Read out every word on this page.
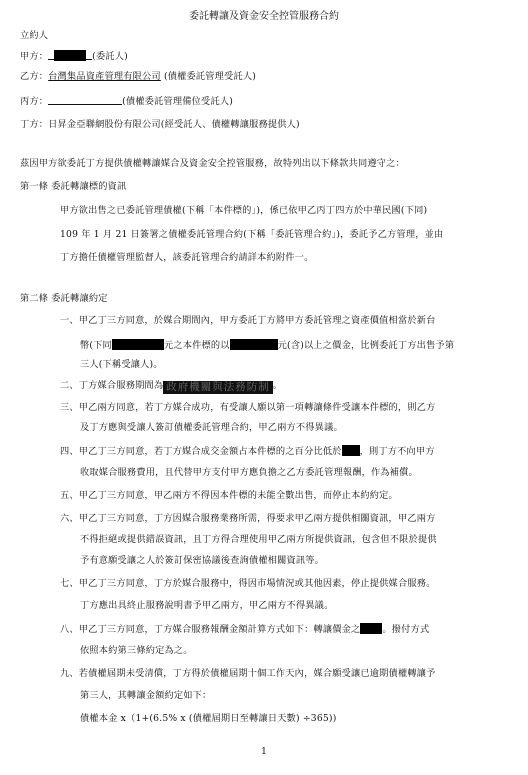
委託轉讓及資金安全控管服務合約
立約人
甲方：	(委託人)
乙方：台灣集品資產管理有限公司 (債權委託管理受託人)
丙方：	(債權委託管理備位受託人)
丁方：日昇金亞聯網股份有限公司(經受託人、債權轉讓服務提供人)
茲因甲方欲委託丁方提供債權轉讓媒合及資金安全控管服務，故特列出以下條款共同遵守之：
第一條 委託轉讓標的資訊
甲方欲出售之已委託管理債權(下稱「本件標的」)，係已依甲乙丙丁四方於中華民國(下同)
109 年 1 月 21 日簽署之債權委託管理合約(下稱「委託管理合約」)，委託予乙方管理，並由
丁方擔任債權管理監督人，該委託管理合約請詳本約附件一。
第二條 委託轉讓約定
一、甲乙丁三方同意，於媒合期間內，甲方委託丁方將甲方委託管理之資產價值相當於新台
幣(下同	元之本件標的以	元(含)以上之價金，比例委託丁方出售予第
三人(下稱受讓人)。
二、丁方媒合服務期間為 政府機關與法務防制 。
三、甲乙兩方同意，若丁方媒合成功，有受讓人願以第一項轉讓條件受讓本件標的，則乙方
及丁方應與受讓人簽訂債權委託管理合約，甲乙兩方不得異議。
四、甲乙丁三方同意，若丁方媒合成交金額占本件標的之百分比低於 ，則丁方不向甲方
收取媒合服務費用，且代替甲方支付甲方應負擔之乙方委託管理報酬，作為補償。
五、甲乙丁三方同意，甲乙兩方不得因本件標的未能全數出售，而停止本約約定。
六、甲乙丁三方同意，丁方因媒合服務業務所需，得要求甲乙兩方提供相關資訊，甲乙兩方
不得拒絕或提供錯誤資訊，且丁方得合理使用甲乙兩方所提供資訊，包含但不限於提供
予有意願受讓之人於簽訂保密協議後查詢債權相關資訊等。
七、甲乙丁三方同意，丁方於媒合服務中，得因市場情況或其他因素，停止提供媒合服務。
丁方應出具終止服務說明書予甲乙兩方，甲乙兩方不得異議。
八、甲乙丁三方同意，丁方媒合服務報酬金額計算方式如下：轉讓價金之 。撥付方式
依照本約第三條約定為之。
九、若債權屆期未受清償，丁方得於債權屆期十個工作天內，媒合願受讓已逾期債權轉讓予
第三人，其轉讓金額約定如下：
債權本金 x（1+(6.5% x (債權屆期日至轉讓日天數) ÷365))
1
